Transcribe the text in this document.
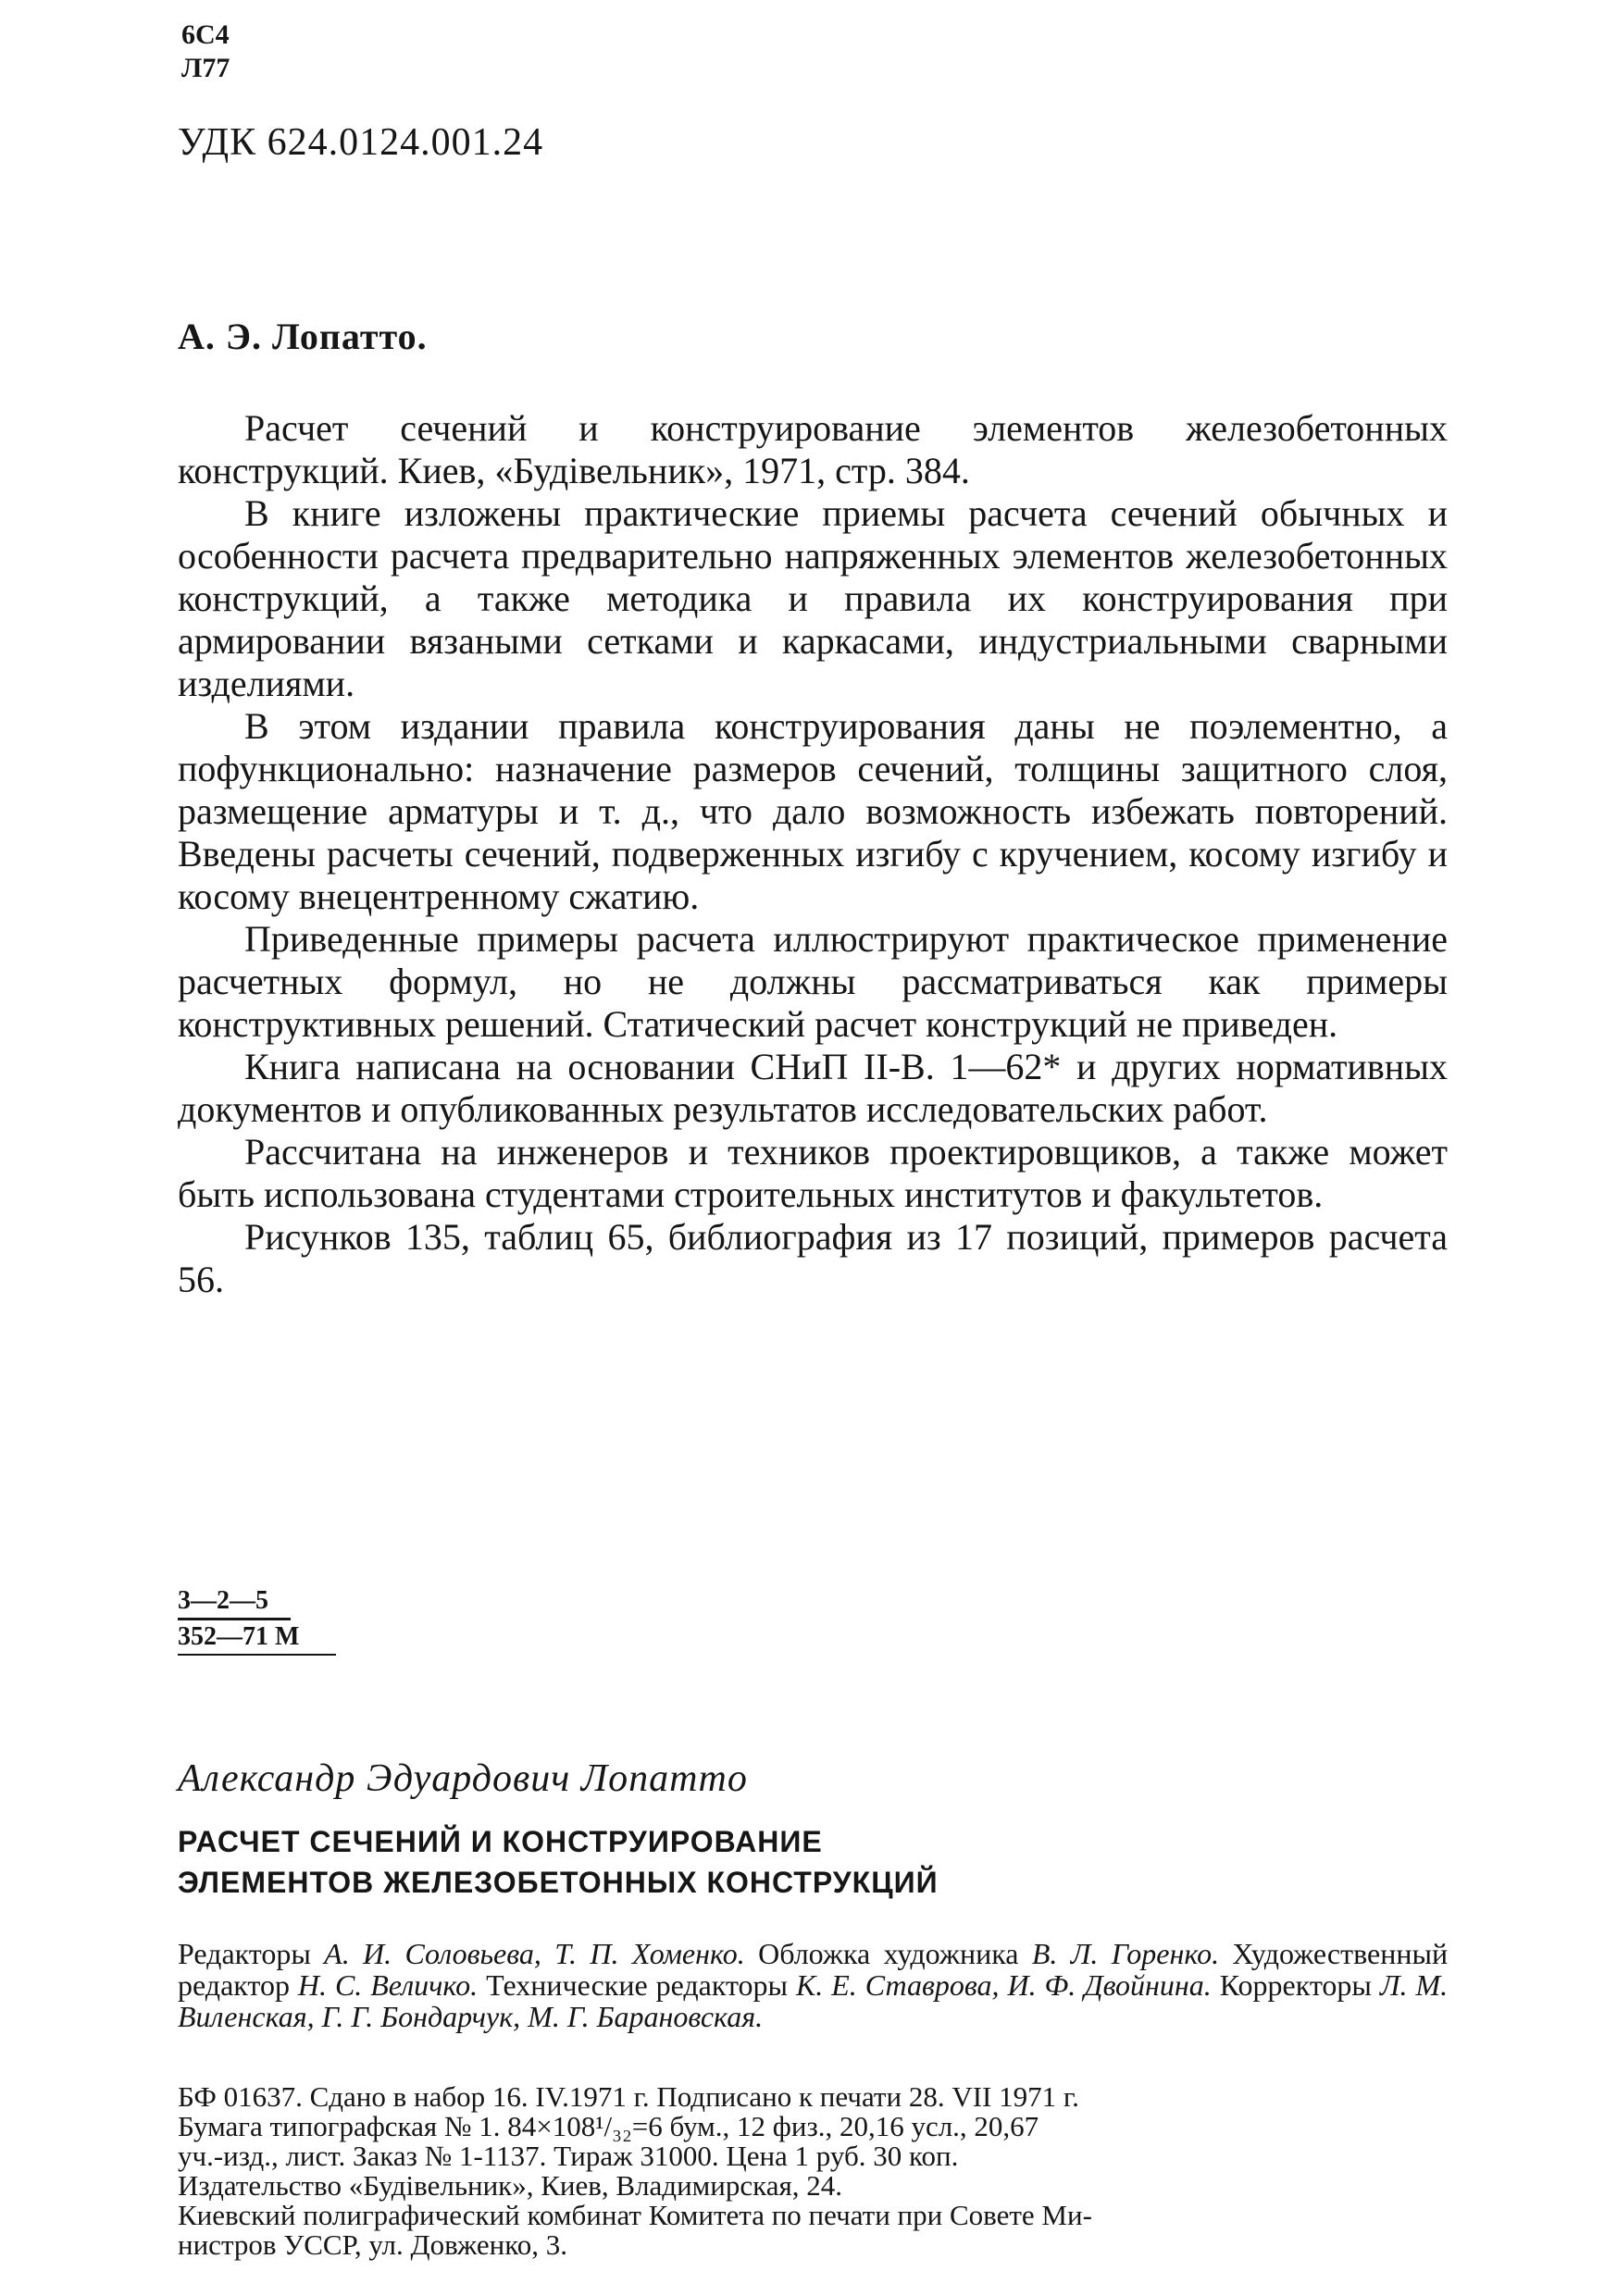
6С4
Л77
УДК 624.0124.001.24
А. Э. Лопатто.

Расчет сечений и конструирование элементов железобетонных конструкций. Киев, «Будівельник», 1971, стр. 384.

В книге изложены практические приемы расчета сечений обычных и особенности расчета предварительно напряженных элементов железобетонных конструкций, а также методика и правила их конструирования при армировании вязаными сетками и каркасами, индустриальными сварными изделиями.

В этом издании правила конструирования даны не поэлементно, а пофункционально: назначение размеров сечений, толщины защитного слоя, размещение арматуры и т. д., что дало возможность избежать повторений. Введены расчеты сечений, подверженных изгибу с кручением, косому изгибу и косому внецентренному сжатию.

Приведенные примеры расчета иллюстрируют практическое применение расчетных формул, но не должны рассматриваться как примеры конструктивных решений. Статический расчет конструкций не приведен.

Книга написана на основании СНиП II-В. 1—62* и других нормативных документов и опубликованных результатов исследовательских работ.

Рассчитана на инженеров и техников проектировщиков, а также может быть использована студентами строительных институтов и факультетов.

Рисунков 135, таблиц 65, библиография из 17 позиций, примеров расчета 56.

3—2—5
352—71 М
Александр Эдуардович Лопатто
РАСЧЕТ СЕЧЕНИЙ И КОНСТРУИРОВАНИЕ
ЭЛЕМЕНТОВ ЖЕЛЕЗОБЕТОННЫХ КОНСТРУКЦИЙ
Редакторы А. И. Соловьева, Т. П. Хоменко. Обложка художника В. Л. Горенко. Художественный редактор Н. С. Величко. Технические редакторы К. Е. Ставрова, И. Ф. Двойнина. Корректоры Л. М. Виленская, Г. Г. Бондарчук, М. Г. Барановская.
БФ 01637. Сдано в набор 16. IV.1971 г. Подписано к печати 28. VII 1971 г.
Бумага типографская № 1. 84×108¹/₃₂=6 бум., 12 физ., 20,16 усл., 20,67
уч.-изд., лист. Заказ № 1-1137. Тираж 31000. Цена 1 руб. 30 коп.
Издательство «Будівельник», Киев, Владимирская, 24.
Киевский полиграфический комбинат Комитета по печати при Совете Ми-
нистров УССР, ул. Довженко, 3.
